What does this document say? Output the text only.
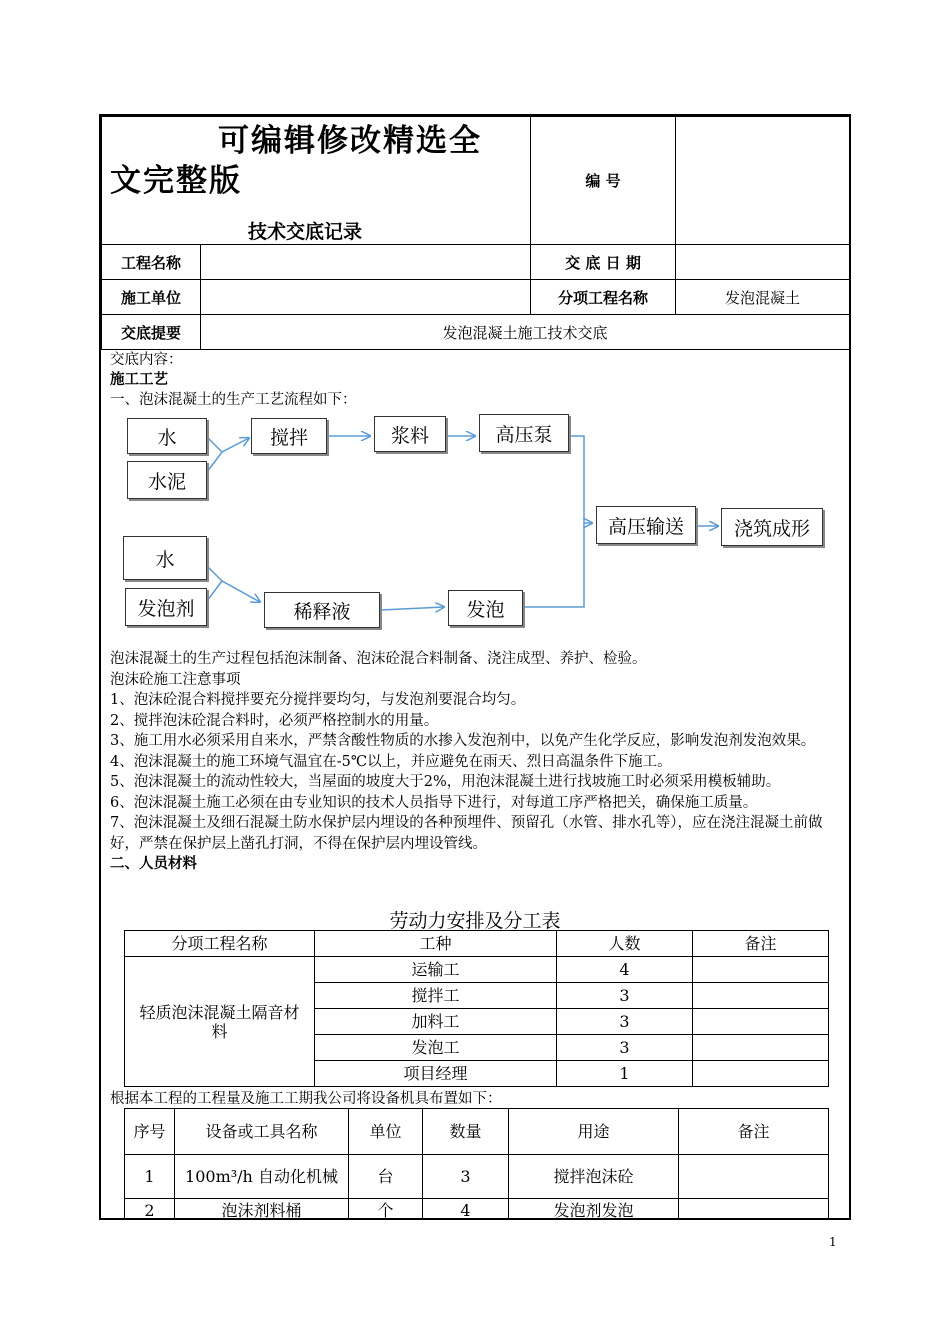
可编辑修改精选全
文完整版
技术交底记录		编 号	
工程名称		交 底 日 期	
施工单位		分项工程名称	发泡混凝土
交底提要	发泡混凝土施工技术交底		

交底内容：

施工工艺

一、泡沫混凝土的生产工艺流程如下：

水
水泥
搅拌	浆料	高压泵
水
发泡剂	稀释液	发泡
高压输送	浇筑成形

泡沫混凝土的生产过程包括泡沫制备、泡沫砼混合料制备、浇注成型、养护、检验。

泡沫砼施工注意事项

1、泡沫砼混合料搅拌要充分搅拌要均匀，与发泡剂要混合均匀。

2、搅拌泡沫砼混合料时，必须严格控制水的用量。

3、施工用水必须采用自来水，严禁含酸性物质的水掺入发泡剂中，以免产生化学反应，影响发泡剂发泡效果。

4、泡沫混凝土的施工环境气温宜在-5℃以上，并应避免在雨天、烈日高温条件下施工。

5、泡沫混凝土的流动性较大，当屋面的坡度大于2%，用泡沫混凝土进行找坡施工时必须采用模板辅助。

6、泡沫混凝土施工必须在由专业知识的技术人员指导下进行，对每道工序严格把关，确保施工质量。

7、泡沫混凝土及细石混凝土防水保护层内埋设的各种预埋件、预留孔（水管、排水孔等），应在浇注混凝土前做好，严禁在保护层上凿孔打洞，不得在保护层内埋设管线。

二、人员材料

劳动力安排及分工表
分项工程名称	工种	人数	备注
轻质泡沫混凝土隔音材料	运输工	4	
	搅拌工	3	
	加料工	3	
	发泡工	3	
	项目经理	1	
根据本工程的工程量及施工工期我公司将设备机具布置如下：
序号	设备或工具名称	单位	数量	用途	备注
1	100m³/h 自动化机械	台	3	搅拌泡沫砼	
2	泡沫剂料桶	个	4	发泡剂发泡	
1
